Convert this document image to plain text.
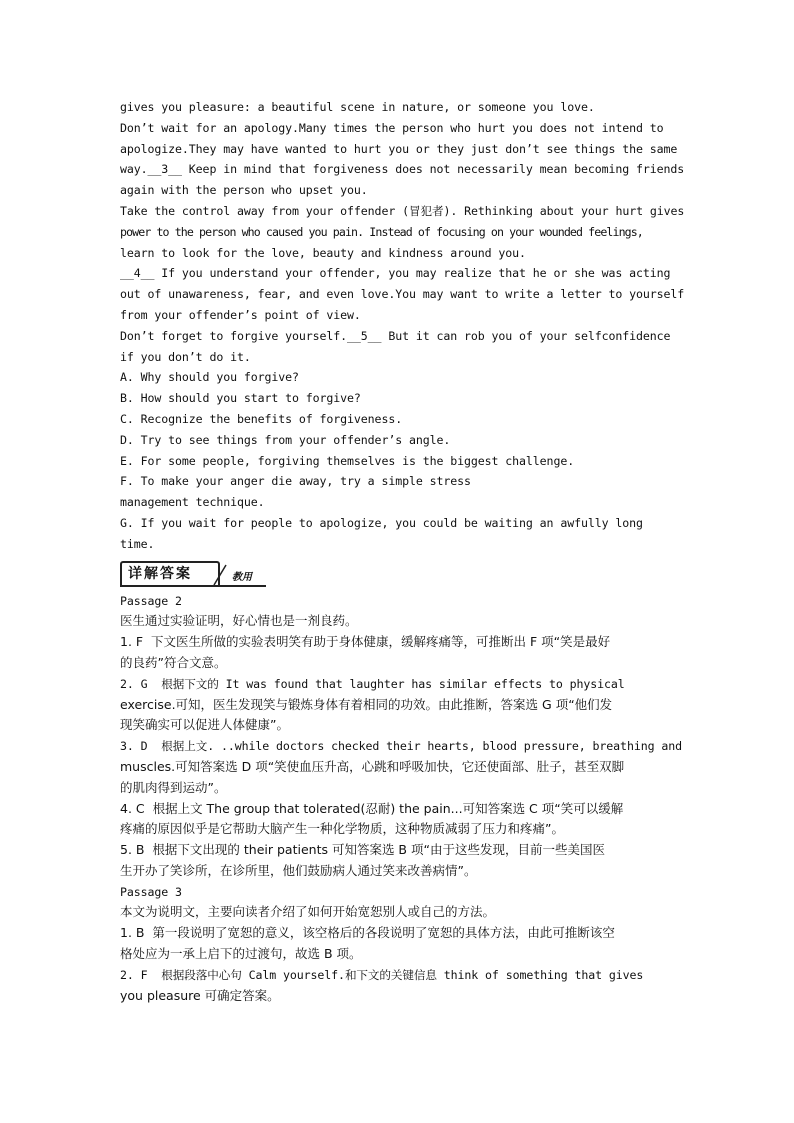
gives you pleasure: a beautiful scene in nature, or someone you love.
Don’t wait for an apology.Many times the person who hurt you does not intend to
apologize.They may have wanted to hurt you or they just don’t see things the same
way.__3__ Keep in mind that forgiveness does not necessarily mean becoming friends
again with the person who upset you.
Take the control away from your offender (冒犯者). Rethinking about your hurt gives
power to the person who caused you pain. Instead of focusing on your wounded feelings,
learn to look for the love, beauty and kindness around you.
__4__ If you understand your offender, you may realize that he or she was acting
out of unawareness, fear, and even love.You may want to write a letter to yourself
from your offender’s point of view.
Don’t forget to forgive yourself.__5__ But it can rob you of your selfconfidence
if you don’t do it.
A. Why should you forgive?
B. How should you start to forgive?
C. Recognize the benefits of forgiveness.
D. Try to see things from your offender’s angle.
E. For some people, forgiving themselves is the biggest challenge.
F. To make your anger die away, try a simple stress
management technique.
G. If you wait for people to apologize, you could be waiting an awfully long
time.
详解答案	教用
Passage 2
医生通过实验证明，好心情也是一剂良药。
1. F  下文医生所做的实验表明笑有助于身体健康，缓解疼痛等，可推断出 F 项“笑是最好
的良药”符合文意。
2. G  根据下文的 It was found that laughter has similar effects to physical
exercise.可知，医生发现笑与锻炼身体有着相同的功效。由此推断，答案选 G 项“他们发
现笑确实可以促进人体健康”。
3. D  根据上文. ..while doctors checked their hearts, blood pressure, breathing and
muscles.可知答案选 D 项“笑使血压升高，心跳和呼吸加快，它还使面部、肚子，甚至双脚
的肌肉得到运动”。
4. C  根据上文 The group that tolerated(忍耐) the pain...可知答案选 C 项“笑可以缓解
疼痛的原因似乎是它帮助大脑产生一种化学物质，这种物质减弱了压力和疼痛”。
5. B  根据下文出现的 their patients 可知答案选 B 项“由于这些发现，目前一些美国医
生开办了笑诊所，在诊所里，他们鼓励病人通过笑来改善病情”。
Passage 3
本文为说明文，主要向读者介绍了如何开始宽恕别人或自己的方法。
1. B  第一段说明了宽恕的意义，该空格后的各段说明了宽恕的具体方法，由此可推断该空
格处应为一承上启下的过渡句，故选 B 项。
2. F  根据段落中心句 Calm yourself.和下文的关键信息 think of something that gives
you pleasure 可确定答案。
